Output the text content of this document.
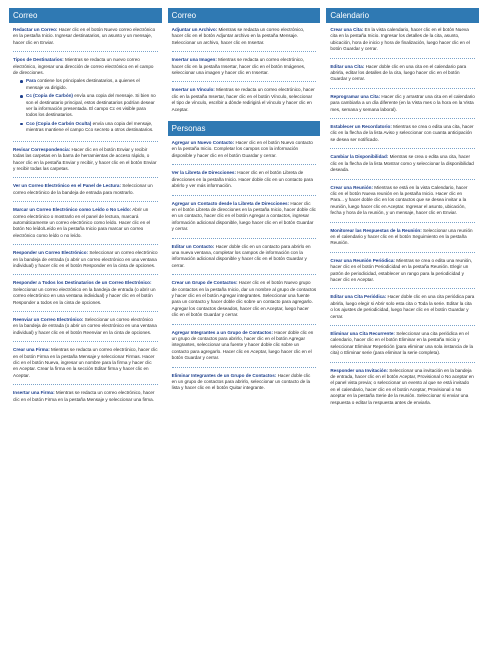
Correo
Redactar un Correo: Hacer clic en el botón Nuevo correo electrónico en la pestaña Inicio. Ingresar destinatarios, un asunto y un mensaje, hacer clic en Enviar.
Tipos de Destinatarios: Mientras se redacta un nuevo correo electrónico, ingresar una dirección de correo electrónico en el campo de direcciones.
Para contiene los principales destinatarios, a quienes el mensaje va dirigido.
Cc (Copia de Carbón) envía una copia del mensaje. Si bien no son el destinatario principal, estos destinatarios podrían desear ver la información presentada. El campo Cc es visible para todos los destinatarios.
Cco (Copia de Carbón Oculta) envía una copia del mensaje, mientras mantiene el campo Cco secreto a otros destinatarios.
Revisar Correspondencia: Hacer clic en el botón Enviar y recibir todas las carpetas en la barra de herramientas de acceso rápido, o hacer clic en la pestaña Enviar y recibir, y hacer clic en el botón Enviar y recibir todas las carpetas.
Ver un Correo Electrónico en el Panel de Lectura: Seleccionar un correo electrónico de la bandeja de entrada para mostrarlo.
Marcar un Correo Electrónico como Leído o No Leído: Abrir un correo electrónico o mostrarlo en el panel de lectura, marcará automáticamente un correo electrónico como leído. Hacer clic en el botón No leído/Leído en la pestaña Inicio para marcar un correo electrónico como leído o no leído.
Responder un Correo Electrónico: Seleccionar un correo electrónico en la bandeja de entrada (o abrir un correo electrónico en una ventana individual) y hacer clic en el botón Responder en la cinta de opciones.
Responder a Todos los Destinatarios de un Correo Electrónico: Seleccionar un correo electrónico en la bandeja de entrada (o abrir un correo electrónico en una ventana individual) y hacer clic en el botón Responder a todos en la cinta de opciones.
Reenviar un Correo Electrónico: Seleccionar un correo electrónico en la bandeja de entrada (o abrir un correo electrónico en una ventana individual) y hacer clic en el botón Reenviar en la cinta de opciones.
Crear una Firma: Mientras se redacta un correo electrónico, hacer clic en el botón Firma en la pestaña Mensaje y seleccionar Firmas. Hacer clic en el botón Nueva, ingresar un nombre para la firma y hacer clic en Aceptar. Crear la firma en la sección Editar firma y hacer clic en Aceptar.
Insertar una Firma: Mientras se redacta un correo electrónico, hacer clic en el botón Firma en la pestaña Mensaje y seleccionar una firma.
Correo
Adjuntar un Archivo: Mientras se redacta un correo electrónico, hacer clic en el botón Adjuntar archivo en la pestaña Mensaje. Seleccionar un archivo, hacer clic en Insertar.
Insertar una Imagen: Mientras se redacta un correo electrónico, hacer clic en la pestaña Insertar, hacer clic en el botón Imágenes, seleccionar una imagen y hacer clic en Insertar.
Insertar un Vínculo: Mientras se redacta un correo electrónico, hacer clic en la pestaña Insertar, hacer clic en el botón Vínculo, seleccionar el tipo de vínculo, escribir a dónde redirigirá el vínculo y hacer clic en Aceptar.
Personas
Agregar un Nuevo Contacto: Hacer clic en el botón Nuevo contacto en la pestaña Inicio. Completar los campos con la información disponible y hacer clic en el botón Guardar y cerrar.
Ver la Libreta de Direcciones: Hacer clic en el botón Libreta de direcciones en la pestaña Inicio. Hacer doble clic en un contacto para abrirlo y ver más información.
Agregar un Contacto desde la Libreta de Direcciones: Hacer clic en el botón Libreta de direcciones en la pestaña Inicio, hacer doble clic en un contacto, hacer clic en el botón Agregar a contactos, ingresar información adicional disponible, luego hacer clic en el botón Guardar y cerrar.
Editar un Contacto: Hacer doble clic en un contacto para abrirlo en una nueva ventana, completar los campos de información con la información adicional disponible y hacer clic en el botón Guardar y cerrar.
Crear un Grupo de Contactos: Hacer clic en el botón Nuevo grupo de contactos en la pestaña Inicio, dar un nombre al grupo de contactos y hacer clic en el botón Agregar integrantes. Seleccionar una fuente para un contacto y hacer doble clic sobre un contacto para agregarlo. Agregar los contactos deseados, hacer clic en Aceptar, luego hacer clic en el botón Guardar y cerrar.
Agregar Integrantes a un Grupo de Contactos: Hacer doble clic en un grupo de contactos para abrirlo, hacer clic en el botón Agregar integrantes, seleccionar una fuente y hacer doble clic sobre un contacto para agregarlo. Hacer clic en Aceptar, luego hacer clic en el botón Guardar y cerrar.
Eliminar Integrantes de un Grupo de Contactos: Hacer doble clic en un grupo de contactos para abrirlo, seleccionar un contacto de la lista y hacer clic en el botón Quitar integrante.
Calendario
Crear una Cita: En la vista calendario, hacer clic en el botón Nueva cita en la pestaña Inicio. Ingresar los detalles de la cita, asunto, ubicación, hora de inicio y hora de finalización, luego hacer clic en el botón Guardar y cerrar.
Editar una Cita: Hacer doble clic en una cita en el calendario para abrirla, editar los detalles de la cita, luego hacer clic en el botón Guardar y cerrar.
Reprogramar una Cita: Hacer clic y arrastrar una cita en el calendario para cambiarla a un día diferente (en la Vista mes o la hora en la Vista mes, semana y semana laboral).
Establecer un Recordatorio: Mientras se crea o edita una cita, hacer clic en la flecha de la lista Aviso y seleccionar con cuanta anticipación se desea ser notificado.
Cambiar la Disponibilidad: Mientras se crea o edita una cita, hacer clic en la flecha de la lista Mostrar como y seleccionar la disponibilidad deseada.
Crear una Reunión: Mientras se está en la vista Calendario, hacer clic en el botón Nueva reunión en la pestaña Inicio. Hacer clic en Para... y hacer doble clic en los contactos que se desea invitar a la reunión, luego hacer clic en Aceptar. Ingresar el asunto, ubicación, fecha y hora de la reunión, y un mensaje, hacer clic en Enviar.
Monitorear las Respuestas de la Reunión: Seleccionar una reunión en el calendario y hacer clic en el botón Seguimiento en la pestaña Reunión.
Crear una Reunión Periódica: Mientras se crea o edita una reunión, hacer clic en el botón Periodicidad en la pestaña Reunión. Elegir un patrón de periodicidad, establecer un rango para la periodicidad y hacer clic en Aceptar.
Editar una Cita Periódica: Hacer doble clic en una cita periódica para abrirla, luego elegir si Abrir solo esta cita o Toda la serie. Editar la cita o los ajustes de periodicidad, luego hacer clic en el botón Guardar y cerrar.
Eliminar una Cita Recurrente: Seleccionar una cita periódica en el calendario, hacer clic en el botón Eliminar en la pestaña Inicio y seleccionar Eliminar Repetición (para eliminar una sola instancia de la cita) o Eliminar serie (para eliminar la serie completa).
Responder una Invitación: Seleccionar una invitación en la bandeja de entrada, hacer clic en el botón Aceptar, Provisional o No aceptar en el panel vista previa; o seleccionar un evento al que se está invitado en el calendario, hacer clic en el botón Aceptar, Provisional o No aceptar en la pestaña Serie de la reunión. Seleccionar si enviar una respuesta o editar la respuesta antes de enviarla.
